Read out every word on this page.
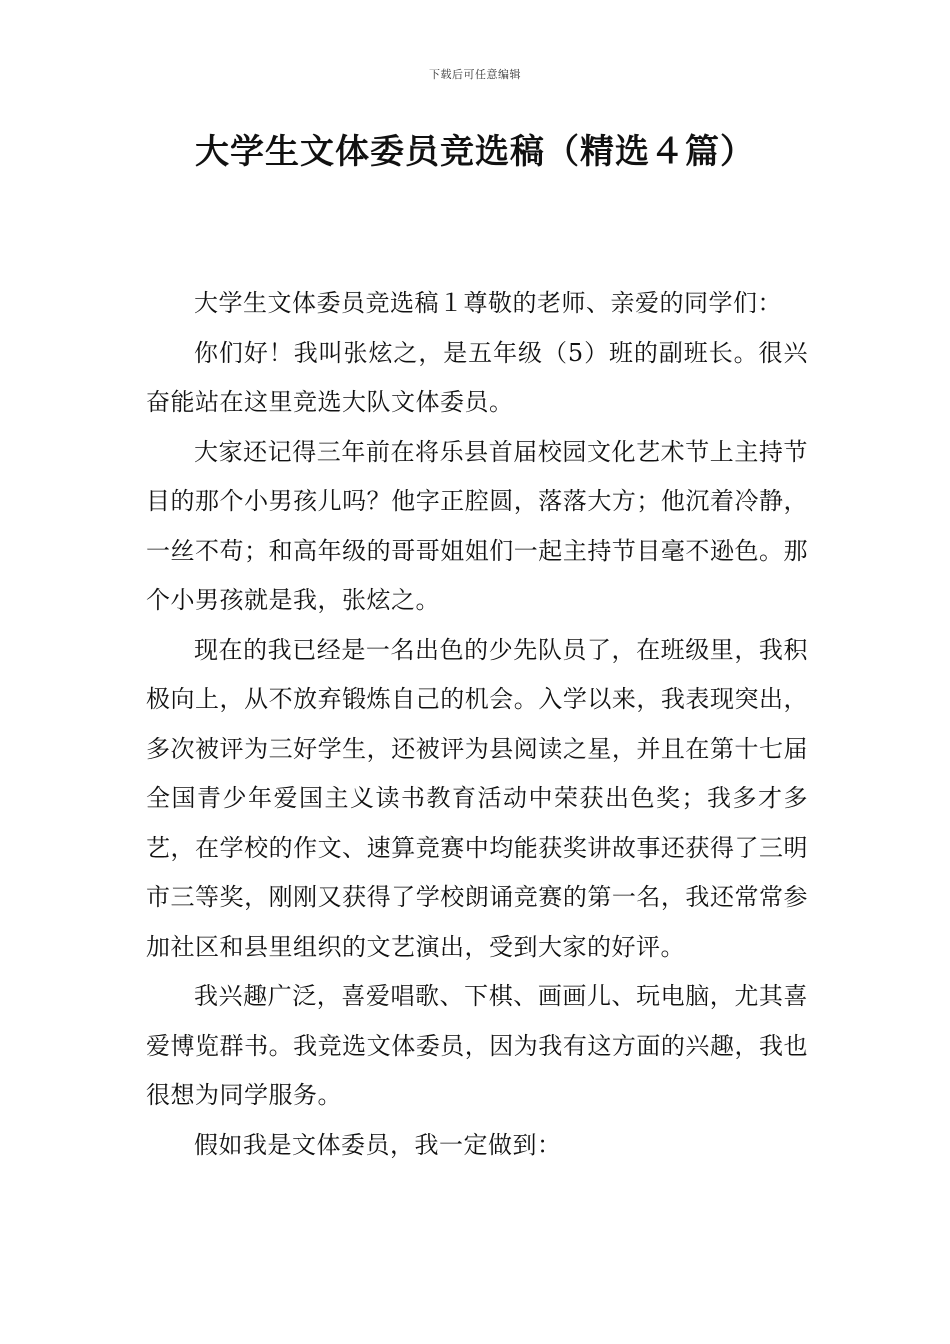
下载后可任意编辑
大学生文体委员竞选稿（精选４篇）

大学生文体委员竞选稿１尊敬的老师、亲爱的同学们：

你们好！我叫张炫之，是五年级（5）班的副班长。很兴奋能站在这里竞选大队文体委员。

大家还记得三年前在将乐县首届校园文化艺术节上主持节目的那个小男孩儿吗？他字正腔圆，落落大方；他沉着冷静，一丝不苟；和高年级的哥哥姐姐们一起主持节目毫不逊色。那个小男孩就是我，张炫之。

现在的我已经是一名出色的少先队员了，在班级里，我积极向上，从不放弃锻炼自己的机会。入学以来，我表现突出，多次被评为三好学生，还被评为县阅读之星，并且在第十七届全国青少年爱国主义读书教育活动中荣获出色奖；我多才多艺，在学校的作文、速算竞赛中均能获奖讲故事还获得了三明市三等奖，刚刚又获得了学校朗诵竞赛的第一名，我还常常参加社区和县里组织的文艺演出，受到大家的好评。

我兴趣广泛，喜爱唱歌、下棋、画画儿、玩电脑，尤其喜爱博览群书。我竞选文体委员，因为我有这方面的兴趣，我也很想为同学服务。

假如我是文体委员，我一定做到：
